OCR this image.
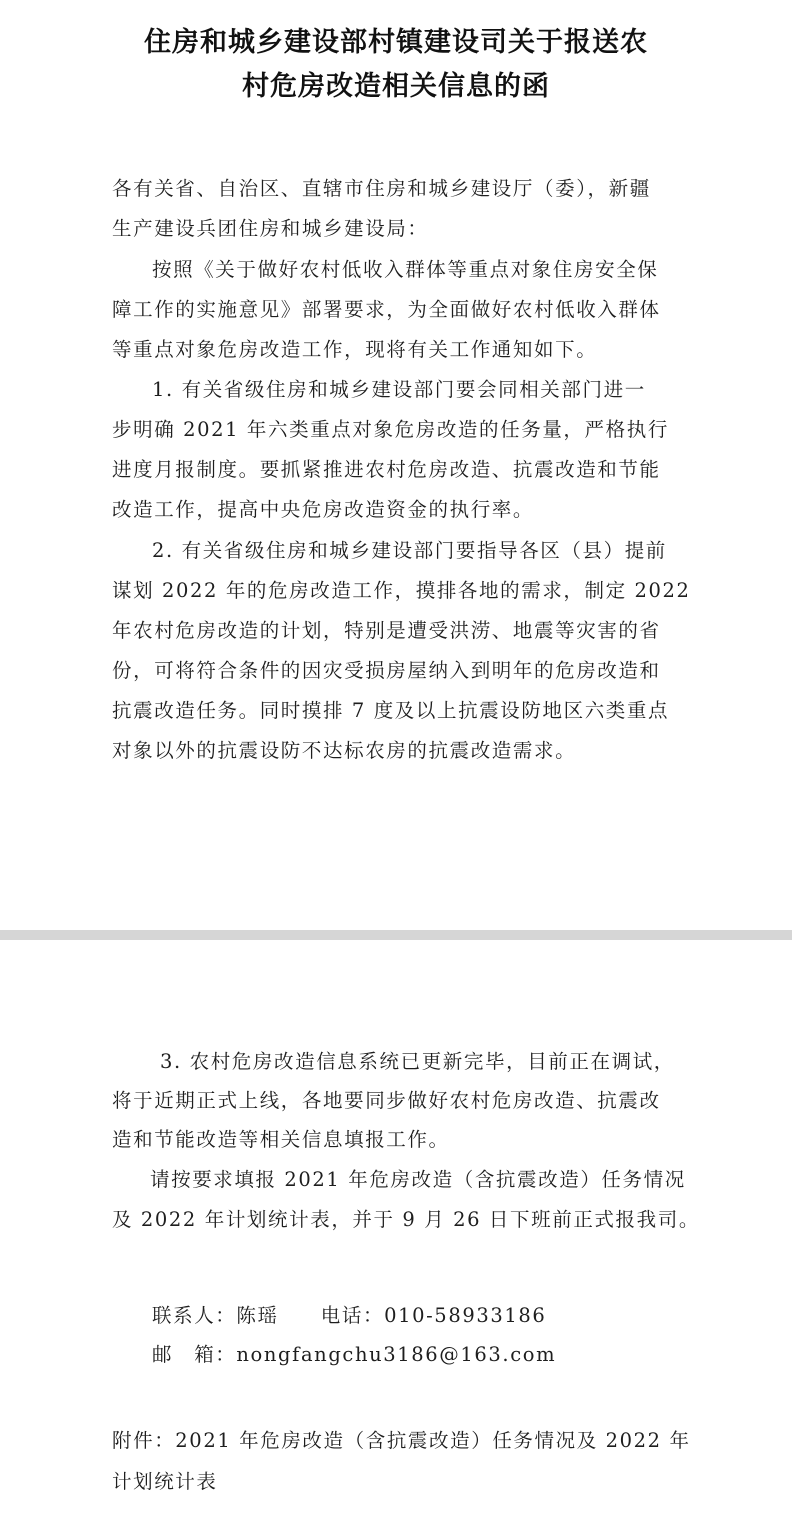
住房和城乡建设部村镇建设司关于报送农
村危房改造相关信息的函
各有关省、自治区、直辖市住房和城乡建设厅（委），新疆
生产建设兵团住房和城乡建设局：
按照《关于做好农村低收入群体等重点对象住房安全保
障工作的实施意见》部署要求，为全面做好农村低收入群体
等重点对象危房改造工作，现将有关工作通知如下。
1. 有关省级住房和城乡建设部门要会同相关部门进一
步明确 2021 年六类重点对象危房改造的任务量，严格执行
进度月报制度。要抓紧推进农村危房改造、抗震改造和节能
改造工作，提高中央危房改造资金的执行率。
2. 有关省级住房和城乡建设部门要指导各区（县）提前
谋划 2022 年的危房改造工作，摸排各地的需求，制定 2022
年农村危房改造的计划，特别是遭受洪涝、地震等灾害的省
份，可将符合条件的因灾受损房屋纳入到明年的危房改造和
抗震改造任务。同时摸排 7 度及以上抗震设防地区六类重点
对象以外的抗震设防不达标农房的抗震改造需求。
3. 农村危房改造信息系统已更新完毕，目前正在调试，
将于近期正式上线，各地要同步做好农村危房改造、抗震改
造和节能改造等相关信息填报工作。
请按要求填报 2021 年危房改造（含抗震改造）任务情况
及 2022 年计划统计表，并于 9 月 26 日下班前正式报我司。
联系人：陈瑶　　电话：010-58933186
邮　箱：nongfangchu3186@163.com
附件：2021 年危房改造（含抗震改造）任务情况及 2022 年
计划统计表
